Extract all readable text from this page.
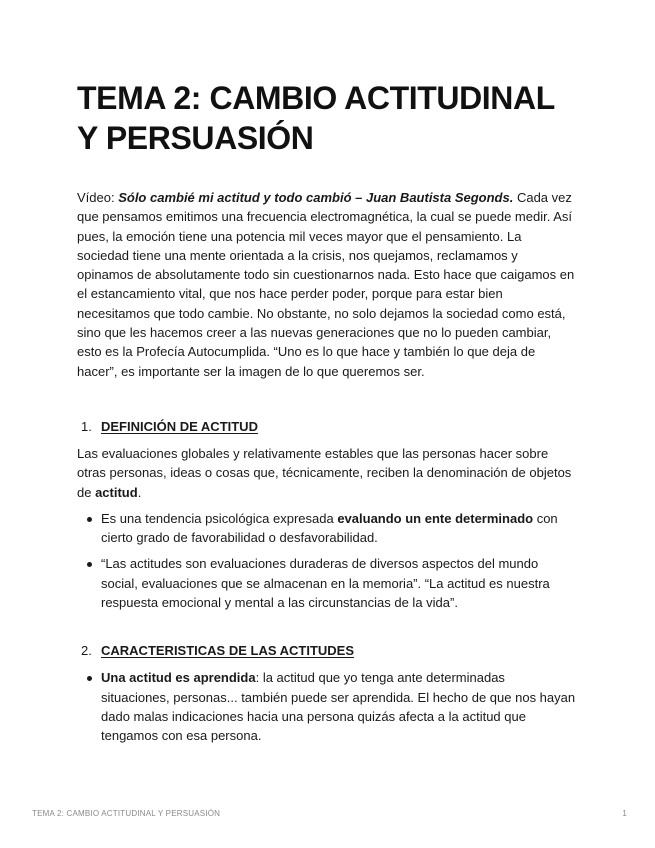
TEMA 2: CAMBIO ACTITUDINAL Y PERSUASIÓN

Vídeo: Sólo cambié mi actitud y todo cambió – Juan Bautista Segonds. Cada vez que pensamos emitimos una frecuencia electromagnética, la cual se puede medir. Así pues, la emoción tiene una potencia mil veces mayor que el pensamiento. La sociedad tiene una mente orientada a la crisis, nos quejamos, reclamamos y opinamos de absolutamente todo sin cuestionarnos nada. Esto hace que caigamos en el estancamiento vital, que nos hace perder poder, porque para estar bien necesitamos que todo cambie. No obstante, no solo dejamos la sociedad como está, sino que les hacemos creer a las nuevas generaciones que no lo pueden cambiar, esto es la Profecía Autocumplida. “Uno es lo que hace y también lo que deja de hacer”, es importante ser la imagen de lo que queremos ser.

1. DEFINICIÓN DE ACTITUD

Las evaluaciones globales y relativamente estables que las personas hacer sobre otras personas, ideas o cosas que, técnicamente, reciben la denominación de objetos de actitud.

Es una tendencia psicológica expresada evaluando un ente determinado con cierto grado de favorabilidad o desfavorabilidad.
“Las actitudes son evaluaciones duraderas de diversos aspectos del mundo social, evaluaciones que se almacenan en la memoria”. “La actitud es nuestra respuesta emocional y mental a las circunstancias de la vida”.
2. CARACTERISTICAS DE LAS ACTITUDES
Una actitud es aprendida: la actitud que yo tenga ante determinadas situaciones, personas... también puede ser aprendida. El hecho de que nos hayan dado malas indicaciones hacia una persona quizás afecta a la actitud que tengamos con esa persona.
TEMA 2: CAMBIO ACTITUDINAL Y PERSUASIÓN	1
